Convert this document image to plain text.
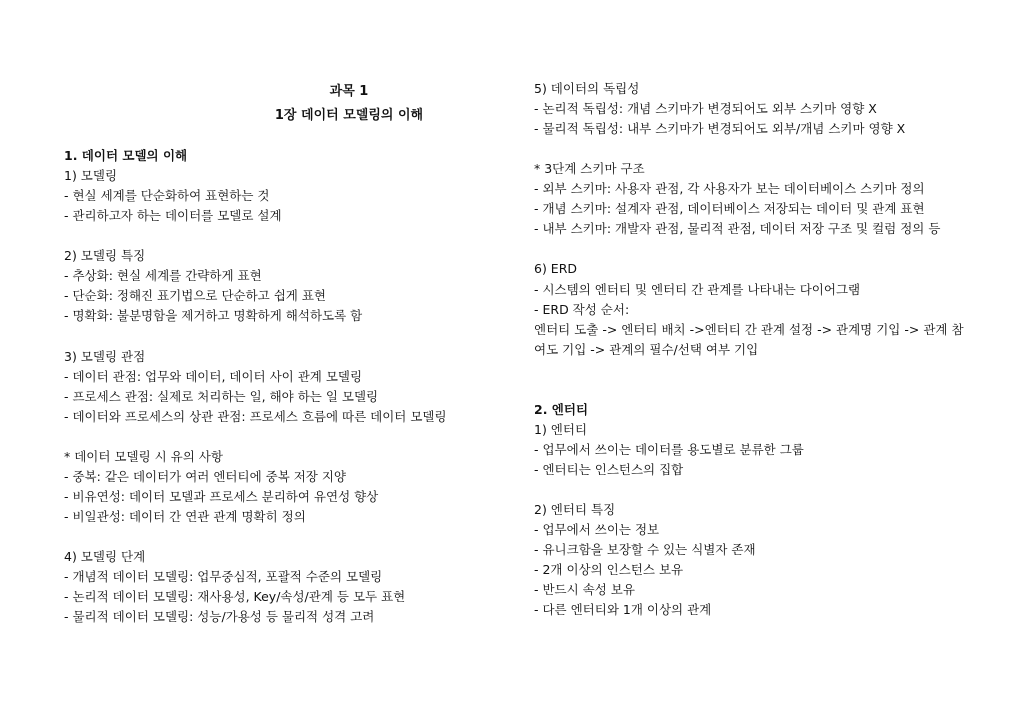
과목 1
1장 데이터 모델링의 이해
1. 데이터 모델의 이해
1) 모델링
- 현실 세계를 단순화하여 표현하는 것
- 관리하고자 하는 데이터를 모델로 설계
2) 모델링 특징
- 추상화: 현실 세계를 간략하게 표현
- 단순화: 정해진 표기법으로 단순하고 쉽게 표현
- 명확화: 불분명함을 제거하고 명확하게 해석하도록 함
3) 모델링 관점
- 데이터 관점: 업무와 데이터, 데이터 사이 관계 모델링
- 프로세스 관점: 실제로 처리하는 일, 해야 하는 일 모델링
- 데이터와 프로세스의 상관 관점: 프로세스 흐름에 따른 데이터 모델링
* 데이터 모델링 시 유의 사항
- 중복: 같은 데이터가 여러 엔터티에 중복 저장 지양
- 비유연성: 데이터 모델과 프로세스 분리하여 유연성 향상
- 비일관성: 데이터 간 연관 관계 명확히 정의
4) 모델링 단계
- 개념적 데이터 모델링: 업무중심적, 포괄적 수준의 모델링
- 논리적 데이터 모델링: 재사용성, Key/속성/관계 등 모두 표현
- 물리적 데이터 모델링: 성능/가용성 등 물리적 성격 고려
5) 데이터의 독립성
- 논리적 독립성: 개념 스키마가 변경되어도 외부 스키마 영향 X
- 물리적 독립성: 내부 스키마가 변경되어도 외부/개념 스키마 영향 X
* 3단계 스키마 구조
- 외부 스키마: 사용자 관점, 각 사용자가 보는 데이터베이스 스키마 정의
- 개념 스키마: 설계자 관점, 데이터베이스 저장되는 데이터 및 관계 표현
- 내부 스키마: 개발자 관점, 물리적 관점, 데이터 저장 구조 및 컬럼 정의 등
6) ERD
- 시스템의 엔터티 및 엔터티 간 관계를 나타내는 다이어그램
- ERD 작성 순서:
엔터티 도출 -> 엔터티 배치 ->엔터티 간 관계 설정 -> 관계명 기입 -> 관계 참
여도 기입 -> 관계의 필수/선택 여부 기입
2. 엔터티
1) 엔터티
- 업무에서 쓰이는 데이터를 용도별로 분류한 그룹
- 엔터티는 인스턴스의 집합
2) 엔터티 특징
- 업무에서 쓰이는 정보
- 유니크함을 보장할 수 있는 식별자 존재
- 2개 이상의 인스턴스 보유
- 반드시 속성 보유
- 다른 엔터티와 1개 이상의 관계
